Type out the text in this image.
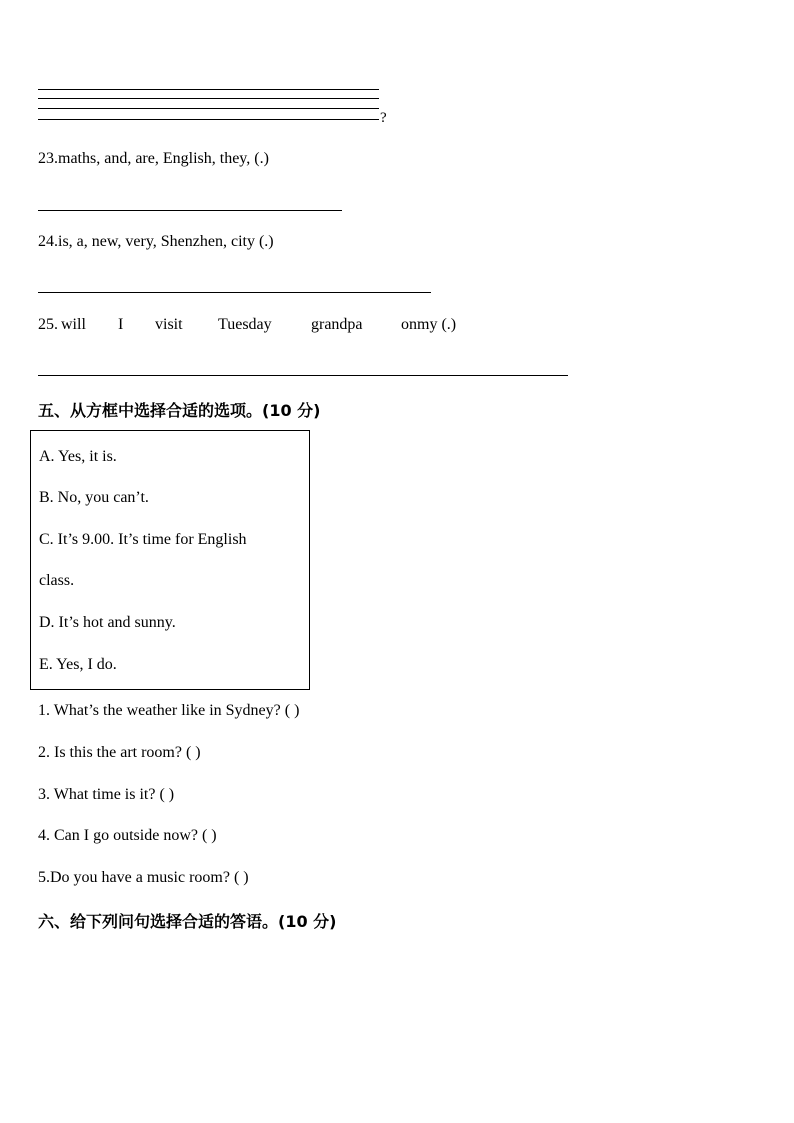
?
23.maths, and, are, English, they, (.)
24.is, a, new, very, Shenzhen, city (.)
25. will I visit Tuesday grandpa onmy (.)
五、从方框中选择合适的选项。(10 分)
A. Yes, it is.
B. No, you can’t.
C. It’s 9.00. It’s time for English
class.
D. It’s hot and sunny.
E. Yes, I do.
1. What’s the weather like in Sydney? ( )
2. Is this the art room? ( )
3. What time is it? ( )
4. Can I go outside now? ( )
5.Do you have a music room? ( )
六、给下列问句选择合适的答语。(10 分)
